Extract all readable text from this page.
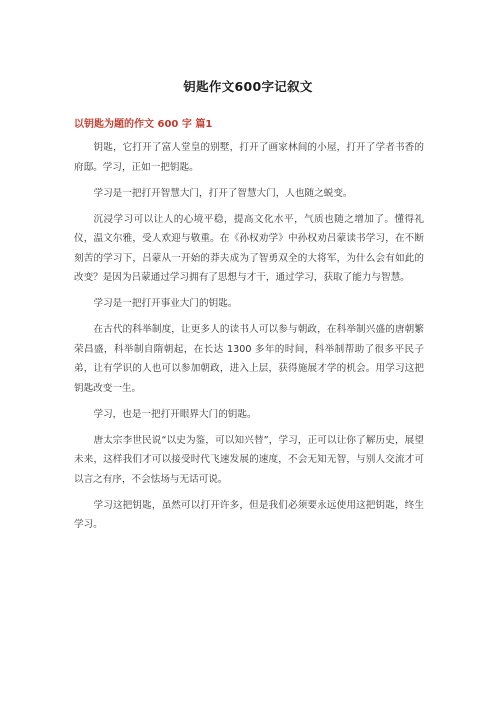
钥匙作文600字记叙文
以钥匙为题的作文 600 字 篇1

钥匙，它打开了富人堂皇的别墅，打开了画家林间的小屋，打开了学者书香的府邸。学习，正如一把钥匙。

学习是一把打开智慧大门，打开了智慧大门，人也随之蜕变。

沉浸学习可以让人的心境平稳，提高文化水平，气质也随之增加了。懂得礼仪，温文尔雅，受人欢迎与敬重。在《孙权劝学》中孙权劝吕蒙读书学习，在不断刻苦的学习下，吕蒙从一开始的莽夫成为了智勇双全的大将军，为什么会有如此的改变？是因为吕蒙通过学习拥有了思想与才干，通过学习，获取了能力与智慧。

学习是一把打开事业大门的钥匙。

在古代的科举制度，让更多人的读书人可以参与朝政，在科举制兴盛的唐朝繁荣昌盛，科举制自隋朝起，在长达 1300 多年的时间，科举制帮助了很多平民子弟，让有学识的人也可以参加朝政，进入上层，获得施展才学的机会。用学习这把钥匙改变一生。

学习，也是一把打开眼界大门的钥匙。

唐太宗李世民说“以史为鉴，可以知兴替”，学习，正可以让你了解历史，展望未来，这样我们才可以接受时代飞速发展的速度，不会无知无智，与别人交流才可以言之有序，不会怯场与无话可说。

学习这把钥匙，虽然可以打开许多，但是我们必须要永远使用这把钥匙，终生学习。
